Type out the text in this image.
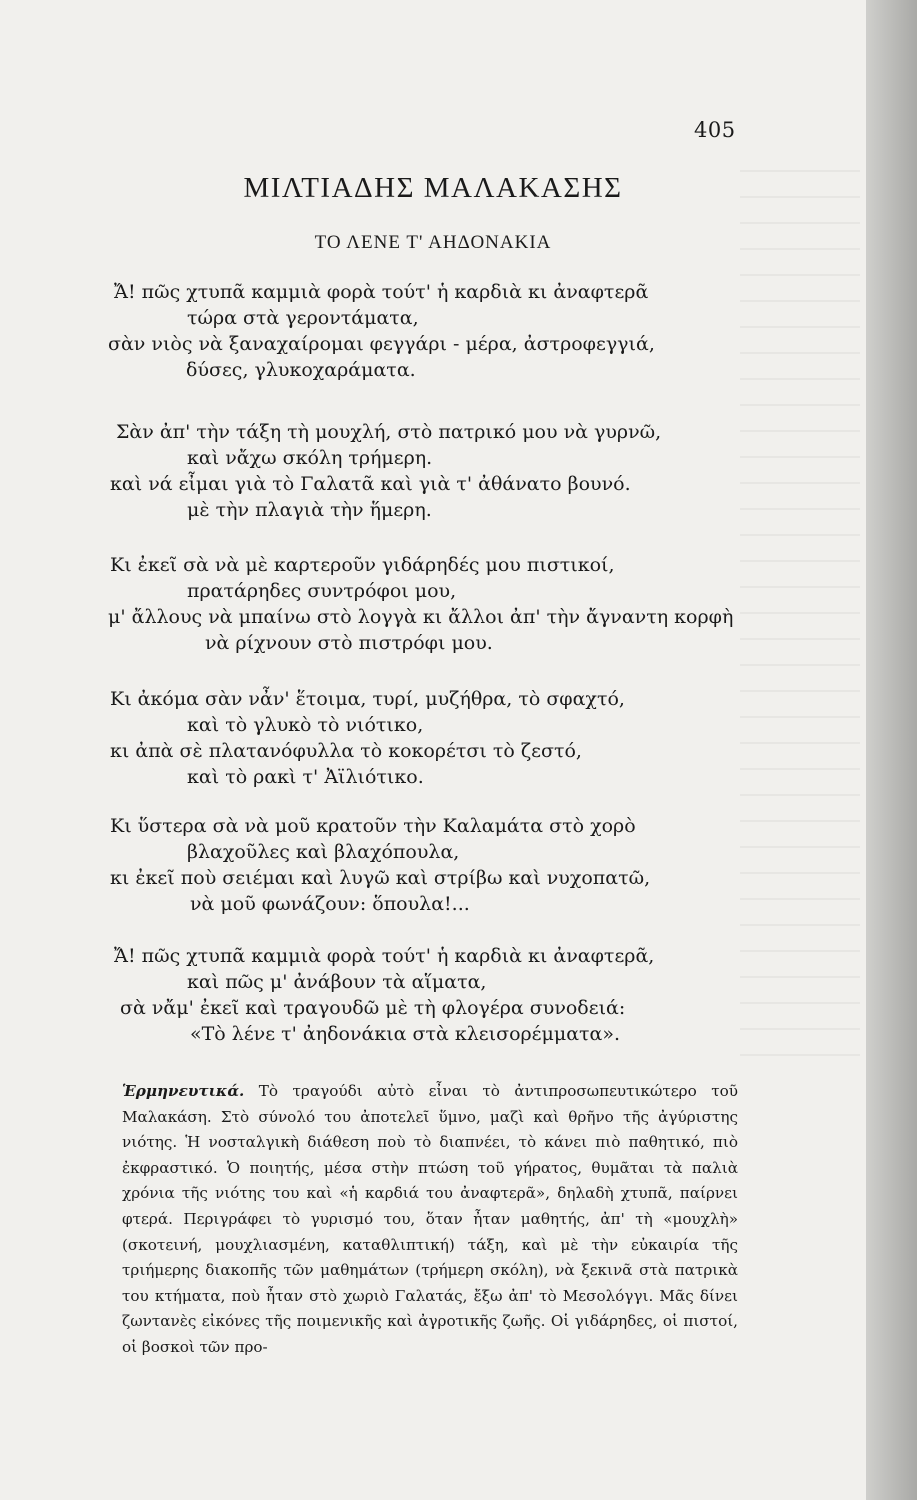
405
ΜΙΛΤΙΑΔΗΣ ΜΑΛΑΚΑΣΗΣ
ΤΟ ΛΕΝΕ Τ' ΑΗΔΟΝΑΚΙΑ
Ἄ! πῶς χτυπᾶ καμμιὰ φορὰ τούτ' ἡ καρδιὰ κι ἀναφτερᾶ
τώρα στὰ γεροντάματα,
σὰν νιὸς νὰ ξαναχαίρομαι φεγγάρι - μέρα, ἀστροφεγγιά,
δύσες, γλυκοχαράματα.
Σὰν ἀπ' τὴν τάξη τὴ μουχλή, στὸ πατρικό μου νὰ γυρνῶ,
καὶ νἄχω σκόλη τρήμερη.
καὶ νά εἶμαι γιὰ τὸ Γαλατᾶ καὶ γιὰ τ' ἀθάνατο βουνό.
μὲ τὴν πλαγιὰ τὴν ἥμερη.
Κι ἐκεῖ σὰ νὰ μὲ καρτεροῦν γιδάρηδές μου πιστικοί,
πρατάρηδες συντρόφοι μου,
μ' ἄλλους νὰ μπαίνω στὸ λογγὰ κι ἄλλοι ἀπ' τὴν ἄγναντη κορφὴ
νὰ ρίχνουν στὸ πιστρόφι μου.
Κι ἀκόμα σὰν νἆν' ἕτοιμα, τυρί, μυζήθρα, τὸ σφαχτό,
καὶ τὸ γλυκὸ τὸ νιότικο,
κι ἀπὰ σὲ πλατανόφυλλα τὸ κοκορέτσι τὸ ζεστό,
καὶ τὸ ρακὶ τ' Ἀϊλιότικο.
Κι ὕστερα σὰ νὰ μοῦ κρατοῦν τὴν Καλαμάτα στὸ χορὸ
βλαχοῦλες καὶ βλαχόπουλα,
κι ἐκεῖ ποὺ σειέμαι καὶ λυγῶ καὶ στρίβω καὶ νυχοπατῶ,
νὰ μοῦ φωνάζουν: ὅπουλα!...
Ἄ! πῶς χτυπᾶ καμμιὰ φορὰ τούτ' ἡ καρδιὰ κι ἀναφτερᾶ,
καὶ πῶς μ' ἀνάβουν τὰ αἵματα,
σὰ νἄμ' ἐκεῖ καὶ τραγουδῶ μὲ τὴ φλογέρα συνοδειά:
«Τὸ λένε τ' ἀηδονάκια στὰ κλεισορέμματα».
Ἑρμηνευτικά. Τὸ τραγούδι αὐτὸ εἶναι τὸ ἀντιπροσωπευτικώτερο τοῦ Μαλακάση. Στὸ σύνολό του ἀποτελεῖ ὕμνο, μαζὶ καὶ θρῆνο τῆς ἀγύριστης νιότης. Ἡ νοσταλγικὴ διάθεση ποὺ τὸ διαπνέει, τὸ κάνει πιὸ παθητικό, πιὸ ἐκφραστικό. Ὁ ποιητής, μέσα στὴν πτώση τοῦ γήρατος, θυμᾶται τὰ παλιὰ χρόνια τῆς νιότης του καὶ «ἡ καρδιά του ἀναφτερᾶ», δηλαδὴ χτυπᾶ, παίρνει φτερά. Περιγράφει τὸ γυρισμό του, ὅταν ἦταν μαθητής, ἀπ' τὴ «μουχλὴ» (σκοτεινή, μουχλιασμένη, καταθλιπτική) τάξη, καὶ μὲ τὴν εὐκαιρία τῆς τριήμερης διακοπῆς τῶν μαθημάτων (τρήμερη σκόλη), νὰ ξεκινᾶ στὰ πατρικὰ του κτήματα, ποὺ ἦταν στὸ χωριὸ Γαλατάς, ἔξω ἀπ' τὸ Μεσολόγγι. Μᾶς δίνει ζωντανὲς εἰκόνες τῆς ποιμενικῆς καὶ ἀγροτικῆς ζωῆς. Οἱ γιδάρηδες, οἱ πιστοί, οἱ βοσκοὶ τῶν προ-
